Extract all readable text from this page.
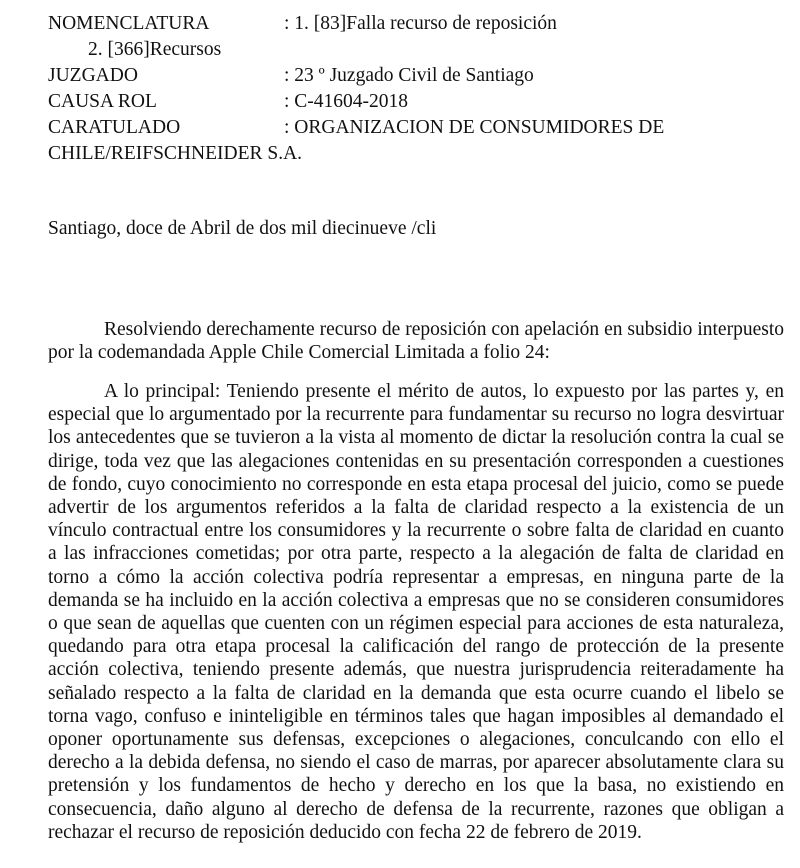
NOMENCLATURA	: 1. [83]Falla recurso de reposición
2. [366]Recursos
JUZGADO	: 23 º Juzgado Civil de Santiago
CAUSA ROL	: C-41604-2018
CARATULADO	: ORGANIZACION DE CONSUMIDORES DE
CHILE/REIFSCHNEIDER S.A.
Santiago, doce de Abril de dos mil diecinueve /cli

Resolviendo derechamente recurso de reposición con apelación en subsidio interpuesto por la codemandada Apple Chile Comercial Limitada a folio 24:

A lo principal: Teniendo presente el mérito de autos, lo expuesto por las partes y, en especial que lo argumentado por la recurrente para fundamentar su recurso no logra desvirtuar los antecedentes que se tuvieron a la vista al momento de dictar la resolución contra la cual se dirige, toda vez que las alegaciones contenidas en su presentación corresponden a cuestiones de fondo, cuyo conocimiento no corresponde en esta etapa procesal del juicio, como se puede advertir de los argumentos referidos a la falta de claridad respecto a la existencia de un vínculo contractual entre los consumidores y la recurrente o sobre falta de claridad en cuanto a las infracciones cometidas; por otra parte, respecto a la alegación de falta de claridad en torno a cómo la acción colectiva podría representar a empresas, en ninguna parte de la demanda se ha incluido en la acción colectiva a empresas que no se consideren consumidores o que sean de aquellas que cuenten con un régimen especial para acciones de esta naturaleza, quedando para otra etapa procesal la calificación del rango de protección de la presente acción colectiva, teniendo presente además, que nuestra jurisprudencia reiteradamente ha señalado respecto a la falta de claridad en la demanda que esta ocurre cuando el libelo se torna vago, confuso e ininteligible en términos tales que hagan imposibles al demandado el oponer oportunamente sus defensas, excepciones o alegaciones, conculcando con ello el derecho a la debida defensa, no siendo el caso de marras, por aparecer absolutamente clara su pretensión y los fundamentos de hecho y derecho en los que la basa, no existiendo en consecuencia, daño alguno al derecho de defensa de la recurrente, razones que obligan a rechazar el recurso de reposición deducido con fecha 22 de febrero de 2019.
